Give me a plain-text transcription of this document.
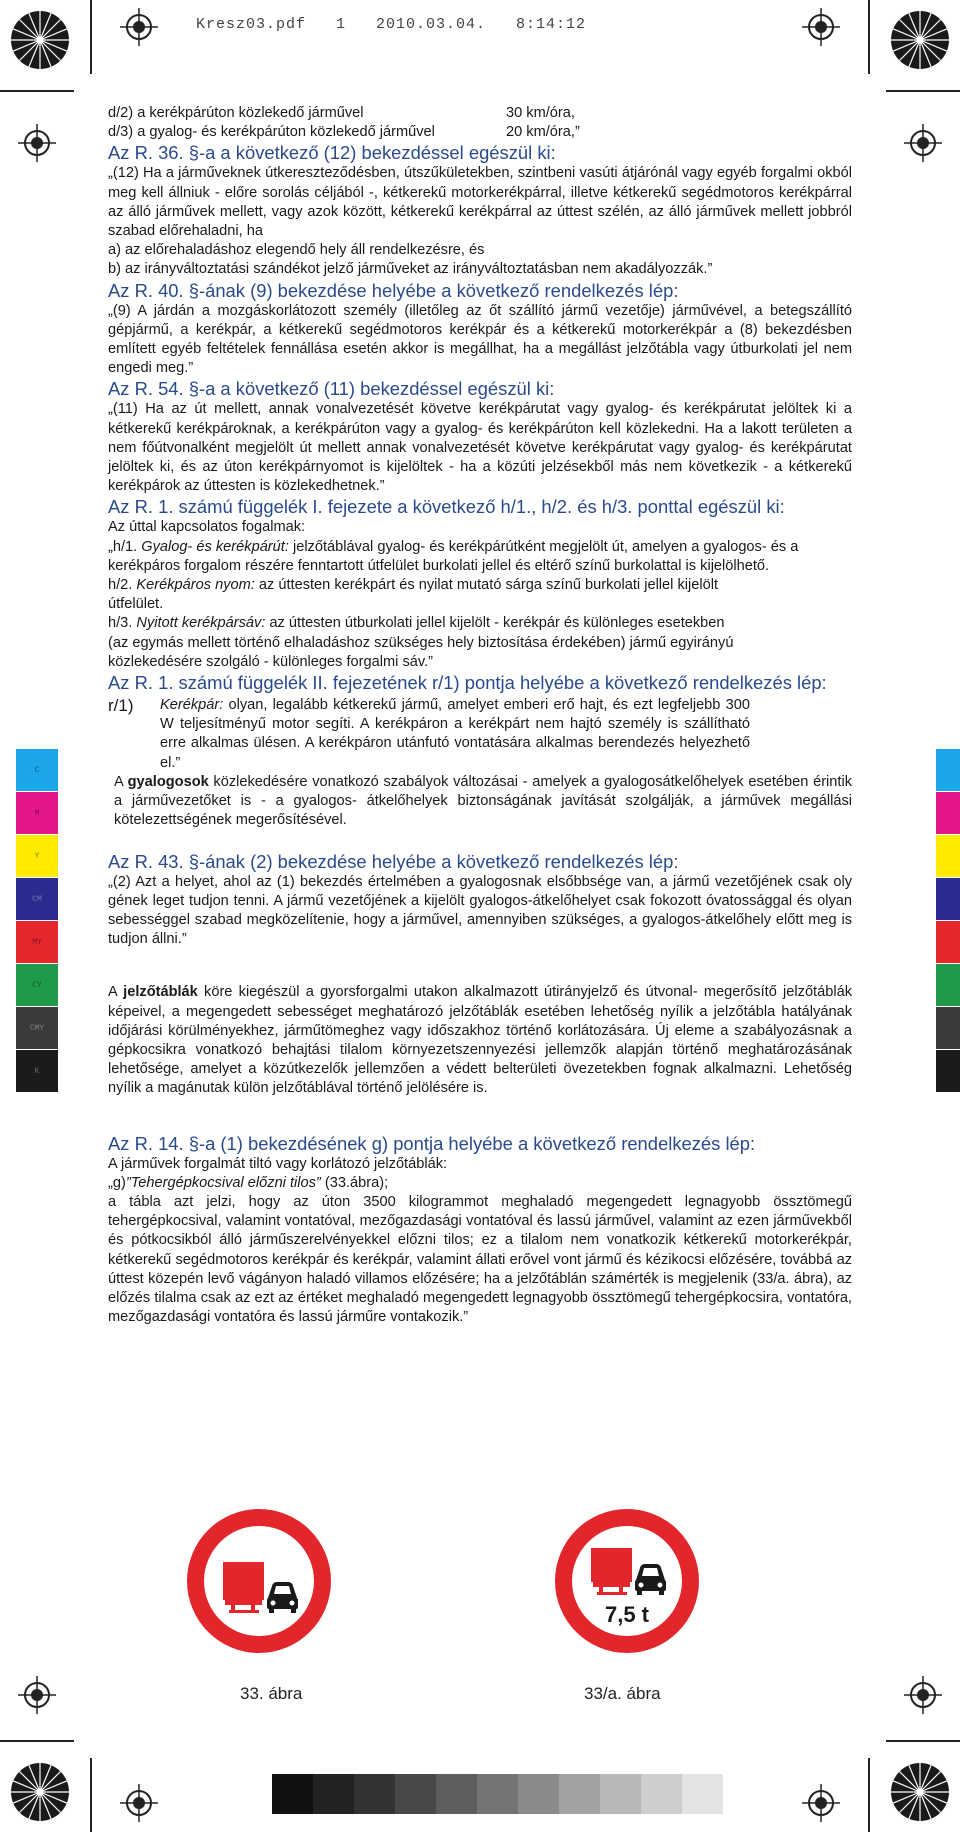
Kresz03.pdf   1   2010.03.04.   8:14:12
C
M
Y
CM
MY
CY
CMY
K
d/2) a kerékpárúton közlekedő járművel	30 km/óra,
d/3) a gyalog- és kerékpárúton közlekedő járművel	20 km/óra,”

Az R. 36. §-a a következő (12) bekezdéssel egészül ki:

„(12) Ha a járműveknek útkereszteződésben, útszűkületekben, szintbeni vasúti átjárónál vagy egyéb forgalmi okból meg kell állniuk - előre sorolás céljából -, kétkerekű motorkerékpárral, illetve kétkerekű segédmotoros kerékpárral az álló járművek mellett, vagy azok között, kétkerekű kerékpárral az úttest szélén, az álló járművek mellett jobbról szabad előrehaladni, ha

a) az előrehaladáshoz elegendő hely áll rendelkezésre, és

b) az irányváltoztatási szándékot jelző járműveket az irányváltoztatásban nem akadályozzák.”

Az R. 40. §-ának (9) bekezdése helyébe a következő rendelkezés lép:

„(9) A járdán a mozgáskorlátozott személy (illetőleg az őt szállító jármű vezetője) járművével, a betegszállító gépjármű, a kerékpár, a kétkerekű segédmotoros kerékpár és a kétkerekű motorkerékpár a (8) bekezdésben említett egyéb feltételek fennállása esetén akkor is megállhat, ha a megállást jelzőtábla vagy útburkolati jel nem engedi meg.”

Az R. 54. §-a a következő (11) bekezdéssel egészül ki:

„(11) Ha az út mellett, annak vonalvezetését követve kerékpárutat vagy gyalog- és kerékpárutat jelöltek ki a kétkerekű kerékpároknak, a kerékpárúton vagy a gyalog- és kerékpárúton kell közlekedni. Ha a lakott területen a nem főútvonalként megjelölt út mellett annak vonalvezetését követve kerékpárutat vagy gyalog- és kerékpárutat jelöltek ki, és az úton kerékpárnyomot is kijelöltek - ha a közúti jelzésekből más nem következik - a kétkerekű kerékpárok az úttesten is közlekedhetnek.”

Az R. 1. számú függelék I. fejezete a következő h/1., h/2. és h/3. ponttal egészül ki:

Az úttal kapcsolatos fogalmak:

„h/1. Gyalog- és kerékpárút: jelzőtáblával gyalog- és kerékpárútként megjelölt út, amelyen a gyalogos- és a kerékpáros forgalom részére fenntartott útfelület burkolati jellel és eltérő színű burkolattal is kijelölhető.

h/2. Kerékpáros nyom: az úttesten kerékpárt és nyilat mutató sárga színű burkolati jellel kijelölt útfelület.

h/3. Nyitott kerékpársáv: az úttesten útburkolati jellel kijelölt - kerékpár és különleges esetekben (az egymás mellett történő elhaladáshoz szükséges hely biztosítása érdekében) jármű egyirányú közlekedésére szolgáló - különleges forgalmi sáv.”

Az R. 1. számú függelék II. fejezetének r/1) pontja helyébe a következő rendelkezés lép:

r/1)	Kerékpár: olyan, legalább kétkerekű jármű, amelyet emberi erő hajt, és ezt legfeljebb 300 W teljesítményű motor segíti. A kerékpáron a kerékpárt nem hajtó személy is szállítható erre alkalmas ülésen. A kerékpáron utánfutó vontatására alkalmas berendezés helyezhető el.”

A gyalogosok közlekedésére vonatkozó szabályok változásai - amelyek a gyalogosátkelőhelyek esetében érintik a járművezetőket is - a gyalogos- átkelőhelyek biztonságának javítását szolgálják, a járművek megállási kötelezettségének megerősítésével.

Az R. 43. §-ának (2) bekezdése helyébe a következő rendelkezés lép:

„(2) Azt a helyet, ahol az (1) bekezdés értelmében a gyalogosnak elsőbbsége van, a jármű vezetőjének csak oly gének leget tudjon tenni. A jármű vezetőjének a kijelölt gyalogos-átkelőhelyet csak fokozott óvatossággal és olyan sebességgel szabad megközelítenie, hogy a járművel, amennyiben szükséges, a gyalogos-átkelőhely előtt meg is tudjon állni.”

A jelzőtáblák köre kiegészül a gyorsforgalmi utakon alkalmazott útirányjelző és útvonal- megerősítő jelzőtáblák képeivel, a megengedett sebességet meghatározó jelzőtáblák esetében lehetőség nyílik a jelzőtábla hatályának időjárási körülményekhez, járműtömeghez vagy időszakhoz történő korlátozására. Új eleme a szabályozásnak a gépkocsikra vonatkozó behajtási tilalom környezetszennyezési jellemzők alapján történő meghatározásának lehetősége, amelyet a közútkezelők jellemzően a védett belterületi övezetekben fognak alkalmazni. Lehetőség nyílik a magánutak külön jelzőtáblával történő jelölésére is.

Az R. 14. §-a (1) bekezdésének g) pontja helyébe a következő rendelkezés lép:

A járművek forgalmát tiltó vagy korlátozó jelzőtáblák:

„g)”Tehergépkocsival előzni tilos” (33.ábra);

a tábla azt jelzi, hogy az úton 3500 kilogrammot meghaladó megengedett legnagyobb össztömegű tehergépkocsival, valamint vontatóval, mezőgazdasági vontatóval és lassú járművel, valamint az ezen járművekből és pótkocsikból álló járműszerelvényekkel előzni tilos; ez a tilalom nem vonatkozik kétkerekű motorkerékpár, kétkerekű segédmotoros kerékpár és kerékpár, valamint állati erővel vont jármű és kézikocsi előzésére, továbbá az úttest közepén levő vágányon haladó villamos előzésére; ha a jelzőtáblán számérték is megjelenik (33/a. ábra), az előzés tilalma csak az ezt az értéket meghaladó megengedett legnagyobb össztömegű tehergépkocsira, vontatóra, mezőgazdasági vontatóra és lassú járműre vontakozik.”

33. ábra
7,5 t
33/a. ábra
